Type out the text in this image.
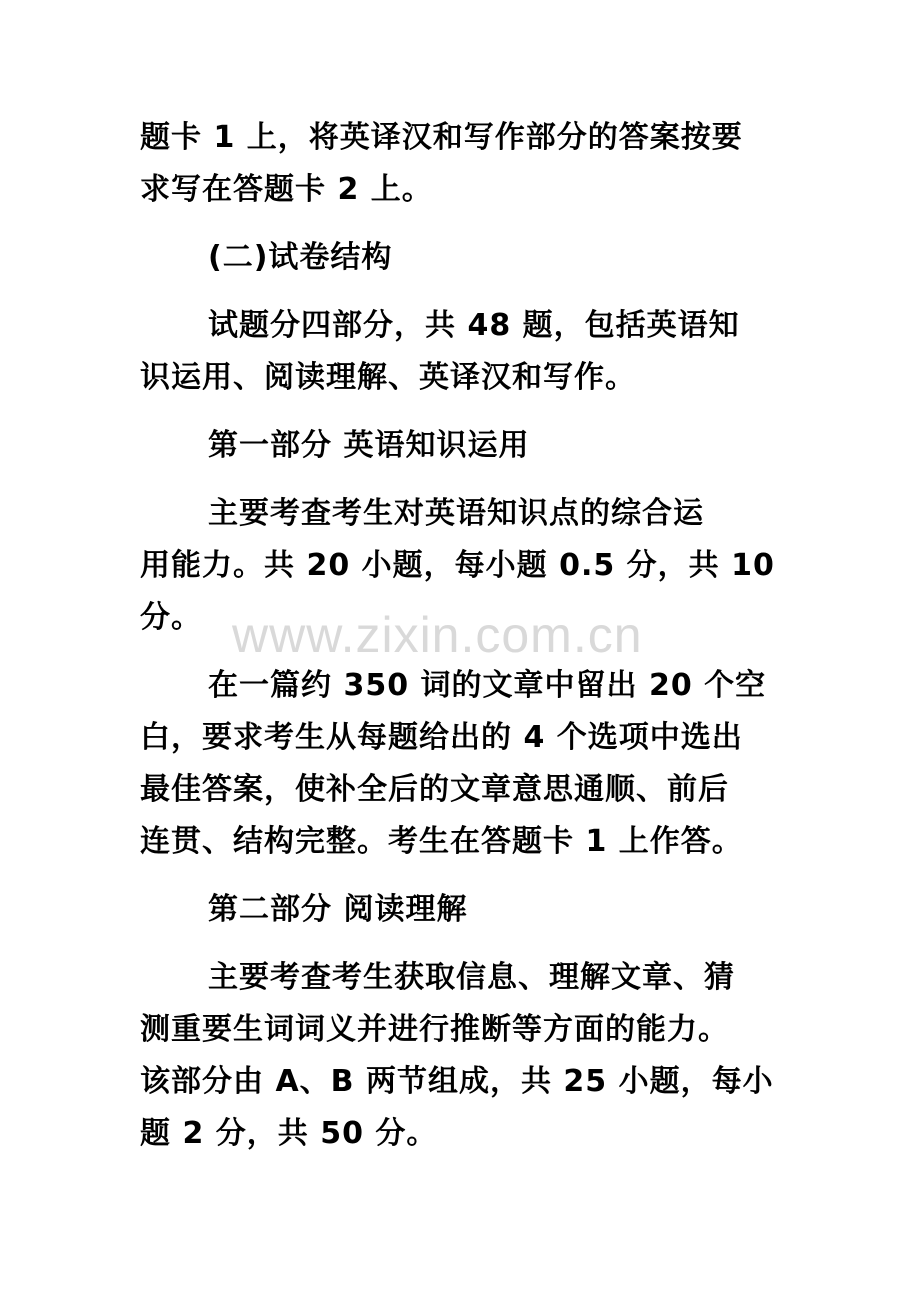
题卡 1 上，将英译汉和写作部分的答案按要
求写在答题卡 2 上。
(二)试卷结构
试题分四部分，共 48 题，包括英语知
识运用、阅读理解、英译汉和写作。
第一部分 英语知识运用
主要考查考生对英语知识点的综合运
用能力。共 20 小题，每小题 0.5 分，共 10
分。
在一篇约 350 词的文章中留出 20 个空
白，要求考生从每题给出的 4 个选项中选出
最佳答案，使补全后的文章意思通顺、前后
连贯、结构完整。考生在答题卡 1 上作答。
第二部分 阅读理解
主要考查考生获取信息、理解文章、猜
测重要生词词义并进行推断等方面的能力。
该部分由 A、B 两节组成，共 25 小题，每小
题 2 分，共 50 分。
www.zixin.com.cn
